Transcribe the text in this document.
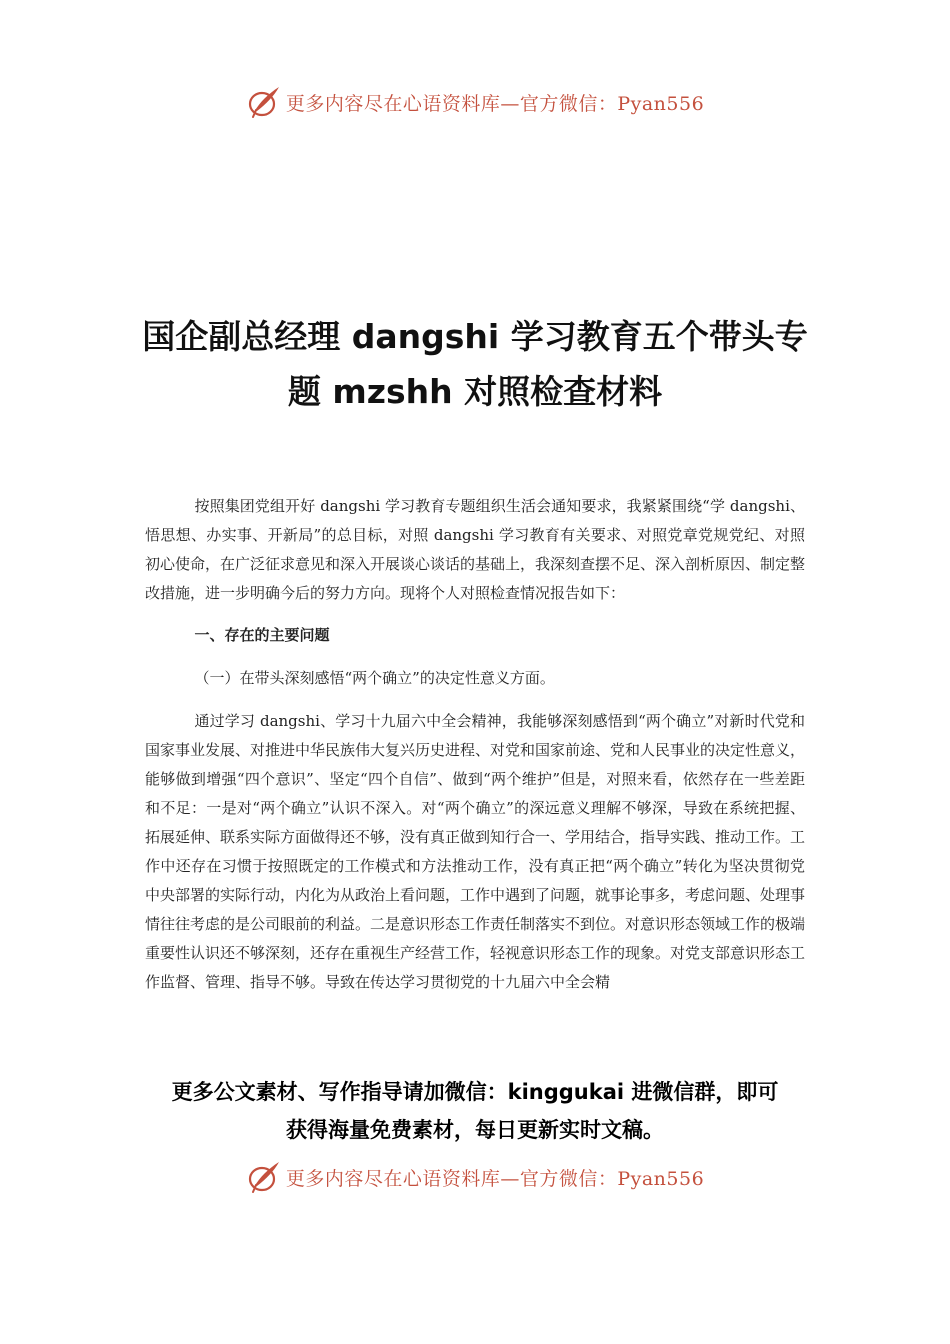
更多内容尽在心语资料库—官方微信：Pyan556
国企副总经理 dangshi 学习教育五个带头专
题 mzshh 对照检查材料

按照集团党组开好 dangshi 学习教育专题组织生活会通知要求，我紧紧围绕“学 dangshi、悟思想、办实事、开新局”的总目标，对照 dangshi 学习教育有关要求、对照党章党规党纪、对照初心使命，在广泛征求意见和深入开展谈心谈话的基础上，我深刻查摆不足、深入剖析原因、制定整改措施，进一步明确今后的努力方向。现将个人对照检查情况报告如下：

一、存在的主要问题

（一）在带头深刻感悟“两个确立”的决定性意义方面。

通过学习 dangshi、学习十九届六中全会精神，我能够深刻感悟到“两个确立”对新时代党和国家事业发展、对推进中华民族伟大复兴历史进程、对党和国家前途、党和人民事业的决定性意义，能够做到增强“四个意识”、坚定“四个自信”、做到“两个维护”但是，对照来看，依然存在一些差距和不足：一是对“两个确立”认识不深入。对“两个确立”的深远意义理解不够深，导致在系统把握、拓展延伸、联系实际方面做得还不够，没有真正做到知行合一、学用结合，指导实践、推动工作。工作中还存在习惯于按照既定的工作模式和方法推动工作，没有真正把“两个确立”转化为坚决贯彻党中央部署的实际行动，内化为从政治上看问题，工作中遇到了问题，就事论事多，考虑问题、处理事情往往考虑的是公司眼前的利益。二是意识形态工作责任制落实不到位。对意识形态领域工作的极端重要性认识还不够深刻，还存在重视生产经营工作，轻视意识形态工作的现象。对党支部意识形态工作监督、管理、指导不够。导致在传达学习贯彻党的十九届六中全会精

更多公文素材、写作指导请加微信：kinggukai 进微信群，即可
获得海量免费素材，每日更新实时文稿。
更多内容尽在心语资料库—官方微信：Pyan556
